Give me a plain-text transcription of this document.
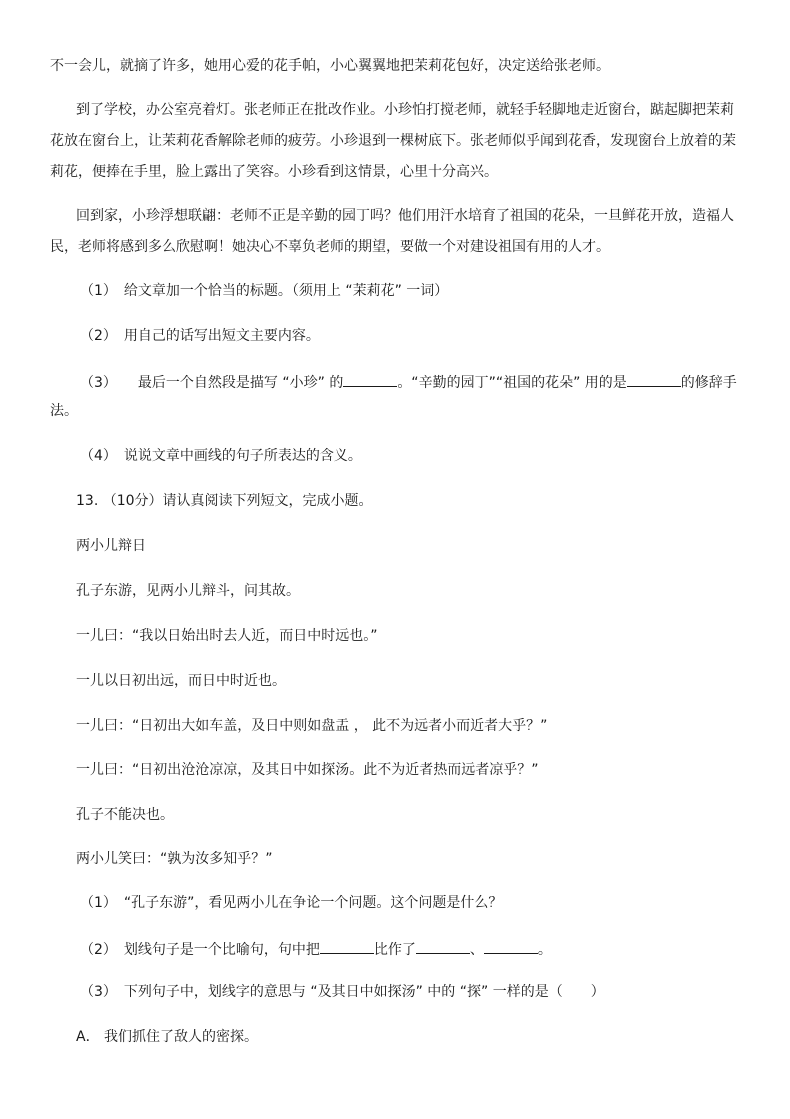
不一会儿，就摘了许多，她用心爱的花手帕，小心翼翼地把茉莉花包好，决定送给张老师。
到了学校，办公室亮着灯。张老师正在批改作业。小珍怕打搅老师，就轻手轻脚地走近窗台，踮起脚把茉莉
花放在窗台上，让茉莉花香解除老师的疲劳。小珍退到一棵树底下。张老师似乎闻到花香，发现窗台上放着的茉
莉花，便捧在手里，脸上露出了笑容。小珍看到这情景，心里十分高兴。
回到家，小珍浮想联翩：老师不正是辛勤的园丁吗？他们用汗水培育了祖国的花朵，一旦鲜花开放，造福人
民，老师将感到多么欣慰啊！她决心不辜负老师的期望，要做一个对建设祖国有用的人才。
（1）　给文章加一个恰当的标题。（须用上 “茉莉花” 一词）
（2）　用自己的话写出短文主要内容。
（3）　　最后一个自然段是描写 “小珍” 的	。“辛勤的园丁”“祖国的花朵” 用的是	的修辞手
法。
（4）　说说文章中画线的句子所表达的含义。
13. （10分）请认真阅读下列短文，完成小题。
两小儿辩日
孔子东游，见两小儿辩斗，问其故。
一儿曰：“我以日始出时去人近，而日中时远也。”
一儿以日初出远，而日中时近也。
一儿曰：“日初出大如车盖，及日中则如盘盂 ， 此不为远者小而近者大乎？”
一儿曰：“日初出沧沧凉凉，及其日中如探汤。此不为近者热而远者凉乎？”
孔子不能决也。
两小儿笑曰：“孰为汝多知乎？”
（1）　“孔子东游”，看见两小儿在争论一个问题。这个问题是什么？
（2）　划线句子是一个比喻句，句中把	比作了	、	。
（3）　下列句子中，划线字的意思与 “及其日中如探汤” 中的 “探” 一样的是（　　）
A． 我们抓住了敌人的密探。
